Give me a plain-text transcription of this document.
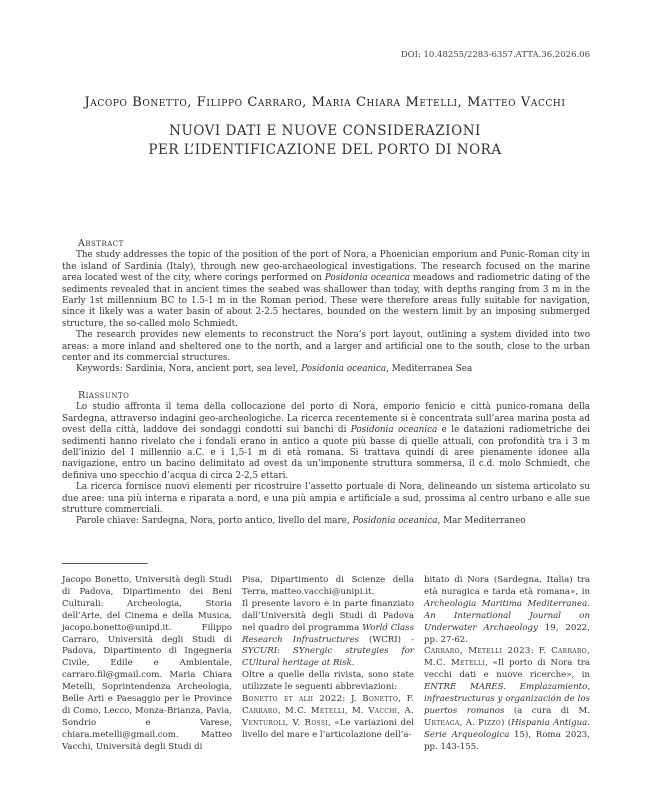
DOI: 10.48255/2283-6357.ATTA.36.2026.06
Jacopo Bonetto, Filippo Carraro, Maria Chiara Metelli, Matteo Vacchi
NUOVI DATI E NUOVE CONSIDERAZIONI
PER L’IDENTIFICAZIONE DEL PORTO DI NORA
Abstract

The study addresses the topic of the position of the port of Nora, a Phoenician emporium and Punic-Roman city in the island of Sardinia (Italy), through new geo-archaeological investigations. The research focused on the marine area located west of the city, where corings performed on Posidonia oceanica meadows and radiometric dating of the sediments revealed that in ancient times the seabed was shallower than today, with depths ranging from 3 m in the Early 1st millennium BC to 1.5-1 m in the Roman period. These were therefore areas fully suitable for navigation, since it likely was a water basin of about 2-2.5 hectares, bounded on the western limit by an imposing submerged structure, the so-called molo Schmiedt.

The research provides new elements to reconstruct the Nora’s port layout, outlining a system divided into two areas: a more inland and sheltered one to the north, and a larger and artificial one to the south, close to the urban center and its commercial structures.

Keywords: Sardinia, Nora, ancient port, sea level, Posidonia oceanica, Mediterranea Sea

Riassunto

Lo studio affronta il tema della collocazione del porto di Nora, emporio fenicio e città punico-romana della Sardegna, attraverso indagini geo-archeologiche. La ricerca recentemente si è concentrata sull’area marina posta ad ovest della città, laddove dei sondaggi condotti sui banchi di Posidonia oceanica e le datazioni radiometriche dei sedimenti hanno rivelato che i fondali erano in antico a quote più basse di quelle attuali, con profondità tra i 3 m dell’inizio del I millennio a.C. e i 1,5-1 m di età romana. Si trattava quindi di aree pienamente idonee alla navigazione, entro un bacino delimitato ad ovest da un’imponente struttura sommersa, il c.d. molo Schmiedt, che definiva uno specchio d’acqua di circa 2-2,5 ettari.

La ricerca fornisce nuovi elementi per ricostruire l’assetto portuale di Nora, delineando un sistema articolato su due aree: una più interna e riparata a nord, e una più ampia e artificiale a sud, prossima al centro urbano e alle sue strutture commerciali.

Parole chiave: Sardegna, Nora, porto antico, livello del mare, Posidonia oceanica, Mar Mediterraneo

Jacopo Bonetto, Università degli Studi di Padova, Dipartimento dei Beni Culturali: Archeologia, Storia dell’Arte, del Cinema e della Musica, jacopo.bonetto@unipd.it. Filippo Carraro, Università degli Studi di Padova, Dipartimento di Ingegneria Civile, Edile e Ambientale, carraro.fil@gmail.com. Maria Chiara Metelli, Soprintendenza Archeologia, Belle Arti e Paesaggio per le Province di Como, Lecco, Monza-Brianza, Pavia, Sondrio e Varese, chiara.metelli@gmail.com. Matteo Vacchi, Università degli Studi di

Pisa, Dipartimento di Scienze della Terra, matteo.vacchi@unipi.it.

Il presente lavoro è in parte finanziato dall’Università degli Studi di Padova nel quadro del programma World Class Research Infrastructures (WCRI) - SYCURI: SYnergic strategies for CUltural heritage at Risk.

Oltre a quelle della rivista, sono state utilizzate le seguenti abbreviazioni:

Bonetto et alii 2022: J. Bonetto, F. Carraro, M.C. Metelli, M. Vacchi, A. Venturoli, V. Rossi, «Le variazioni del livello del mare e l’articolazione dell’a-

bitato di Nora (Sardegna, Italia) tra età nuragica e tarda età romana», in Archeologia Maritima Mediterranea. An International Journal on Underwater Archaeology 19, 2022, pp. 27-62.

Carraro, Metelli 2023: F. Carraro, M.C. Metelli, «Il porto di Nora tra vecchi dati e nuove ricerche», in ENTRE MARES. Emplazamiento, infraestructuras y organización de los puertos romanos (a cura di M. Urteaga, A. Pizzo) (Hispania Antigua. Serie Arqueologica 15), Roma 2023, pp. 143-155.
